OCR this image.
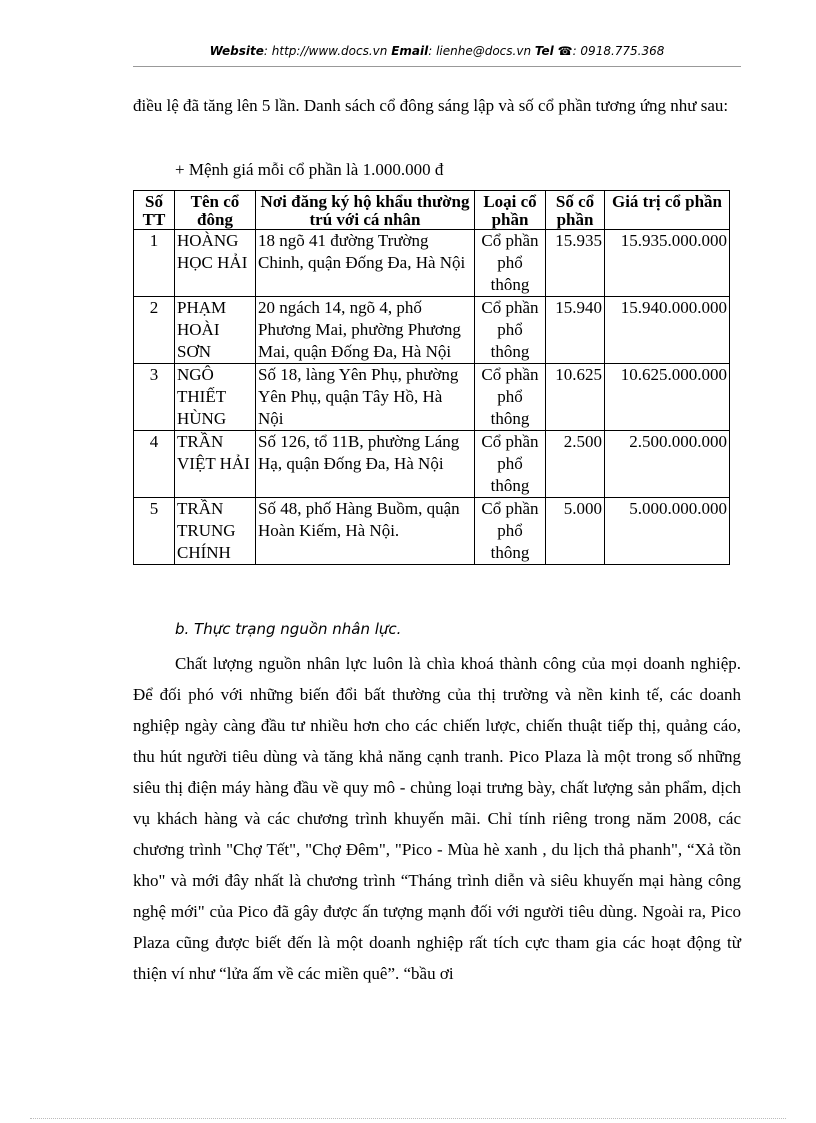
Website: http://www.docs.vn Email: lienhe@docs.vn Tel ☎: 0918.775.368
điều lệ đã tăng lên 5 lần. Danh sách cổ đông sáng lập và số cổ phần tương ứng như sau:
+ Mệnh giá mỗi cổ phần là 1.000.000 đ
Số TT	Tên cổ đông	Nơi đăng ký hộ khẩu thường trú với cá nhân	Loại cổ phần	Số cổ phần	Giá trị cổ phần
1	HOÀNG HỌC HẢI	18 ngõ 41 đường Trường Chinh, quận Đống Đa, Hà Nội	Cổ phần phổ thông	15.935	15.935.000.000
2	PHẠM HOÀI SƠN	20 ngách 14, ngõ 4, phố Phương Mai, phường Phương Mai, quận Đống Đa, Hà Nội	Cổ phần phổ thông	15.940	15.940.000.000
3	NGÔ THIẾT HÙNG	Số 18, làng Yên Phụ, phường Yên Phụ, quận Tây Hồ, Hà Nội	Cổ phần phổ thông	10.625	10.625.000.000
4	TRẦN VIỆT HẢI	Số 126, tổ 11B, phường Láng Hạ, quận Đống Đa, Hà Nội	Cổ phần phổ thông	2.500	2.500.000.000
5	TRẦN TRUNG CHÍNH	Số 48, phố Hàng Buồm, quận Hoàn Kiếm, Hà Nội.	Cổ phần phổ thông	5.000	5.000.000.000
b. Thực trạng nguồn nhân lực.
Chất lượng nguồn nhân lực luôn là chìa khoá thành công của mọi doanh nghiệp. Để đối phó với những biến đổi bất thường của thị trường và nền kinh tế, các doanh nghiệp ngày càng đầu tư nhiều hơn cho các chiến lược, chiến thuật tiếp thị, quảng cáo, thu hút người tiêu dùng và tăng khả năng cạnh tranh. Pico Plaza là một trong số những siêu thị điện máy hàng đầu về quy mô - chủng loại trưng bày, chất lượng sản phẩm, dịch vụ khách hàng và các chương trình khuyến mãi. Chỉ tính riêng trong năm 2008, các chương trình "Chợ Tết", "Chợ Đêm", "Pico - Mùa hè xanh , du lịch thả phanh", “Xả tồn kho" và mới đây nhất là chương trình “Tháng trình diễn và siêu khuyến mại hàng công nghệ mới" của Pico đã gây được ấn tượng mạnh đối với người tiêu dùng. Ngoài ra, Pico Plaza cũng được biết đến là một doanh nghiệp rất tích cực tham gia các hoạt động từ thiện ví như “lửa ấm về các miền quê”. “bầu ơi
